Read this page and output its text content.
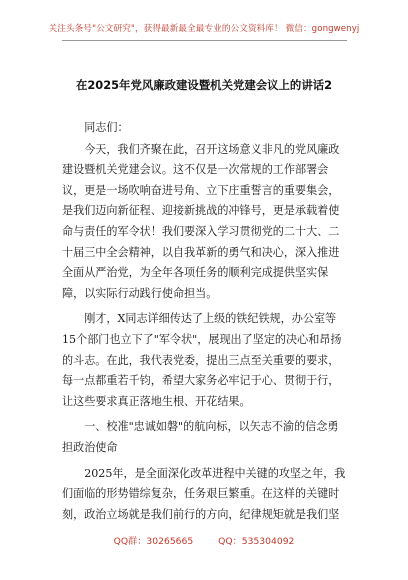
关注头条号"公文研究"，获得最新最全最专业的公文资料库！ 微信：gongwenyj
在2025年党风廉政建设暨机关党建会议上的讲话2

同志们：

今天，我们齐聚在此，召开这场意义非凡的党风廉政建设暨机关党建会议。这不仅是一次常规的工作部署会议，更是一场吹响奋进号角、立下庄重誓言的重要集会，是我们迈向新征程、迎接新挑战的冲锋号，更是承载着使命与责任的军令状！我们要深入学习贯彻党的二十大、二十届三中全会精神，以自我革新的勇气和决心，深入推进全面从严治党，为全年各项任务的顺利完成提供坚实保障，以实际行动践行使命担当。

刚才，X同志详细传达了上级的铁纪铁规，办公室等15个部门也立下了"军令状"，展现出了坚定的决心和昂扬的斗志。在此，我代表党委，提出三点至关重要的要求，每一点都重若千钧，希望大家务必牢记于心、贯彻于行，让这些要求真正落地生根、开花结果。

一、校准"忠诚如磐"的航向标，以矢志不渝的信念勇担政治使命

2025年，是全面深化改革进程中关键的攻坚之年，我们面临的形势错综复杂，任务艰巨繁重。在这样的关键时刻，政治立场就是我们前行的方向，纪律规矩就是我们坚

QQ群：30265665	QQ：535304092
